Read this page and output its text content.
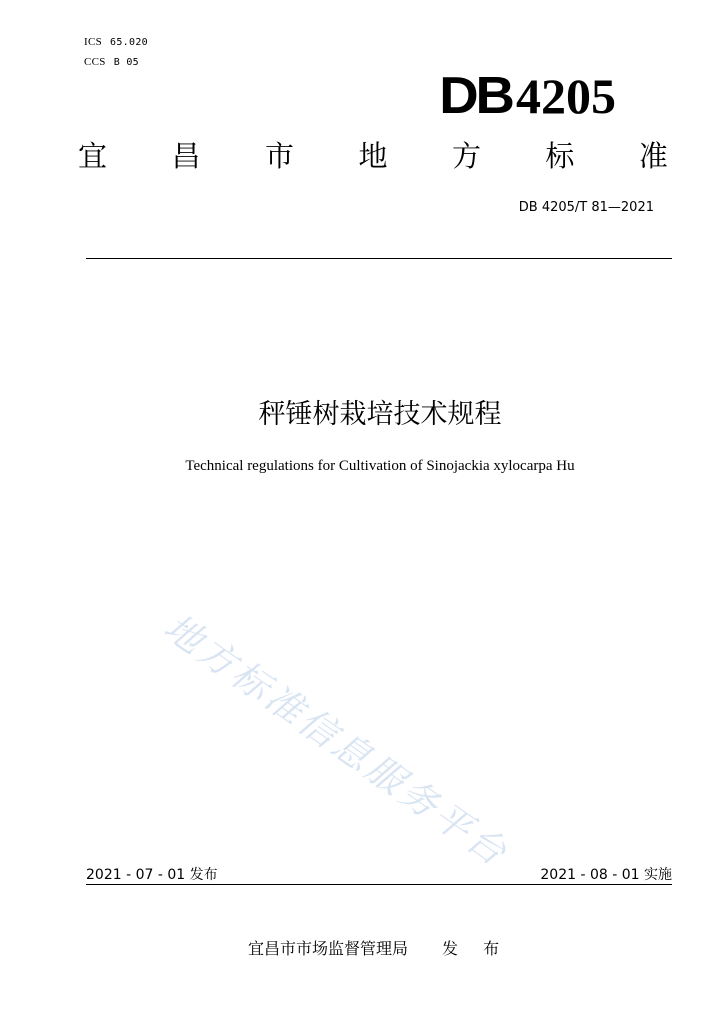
ICS 65.020
CCS B 05
DB 4205
宜 昌 市 地 方 标 准
DB 4205/T 81—2021
秤锤树栽培技术规程
Technical regulations for Cultivation of Sinojackia xylocarpa Hu
地方标准信息服务平台
2021 - 07 - 01 发布	2021 - 08 - 01 实施
宜昌市市场监督管理局 发 布
